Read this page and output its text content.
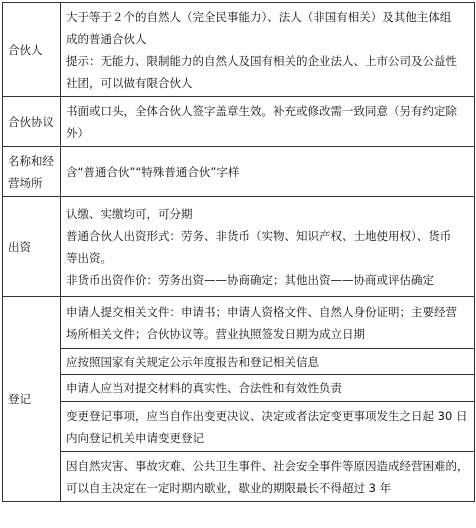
合伙人	大于等于２个的自然人（完全民事能力）、法人（非国有相关）及其他主体组
成的普通合伙人
提示：无能力、限制能力的自然人及国有相关的企业法人、上市公司及公益性
社团，可以做有限合伙人

合伙协议	书面或口头，全体合伙人签字盖章生效。补充或修改需一致同意（另有约定除
外）

名称和经
营场所	含“普通合伙”“特殊普通合伙”字样

出资	认缴、实缴均可，可分期
普通合伙人出资形式：劳务、非货币（实物、知识产权、土地使用权）、货币
等出资。
非货币出资作价：劳务出资——协商确定；其他出资——协商或评估确定

登记	申请人提交相关文件：申请书；申请人资格文件、自然人身份证明；主要经营
场所相关文件；合伙协议等。营业执照签发日期为成立日期

	应按照国家有关规定公示年度报告和登记相关信息

	申请人应当对提交材料的真实性、合法性和有效性负责

	变更登记事项，应当自作出变更决议、决定或者法定变更事项发生之日起 30 日
内向登记机关申请变更登记

	因自然灾害、事故灾难、公共卫生事件、社会安全事件等原因造成经营困难的，
可以自主决定在一定时期内歇业，歇业的期限最长不得超过 3 年
